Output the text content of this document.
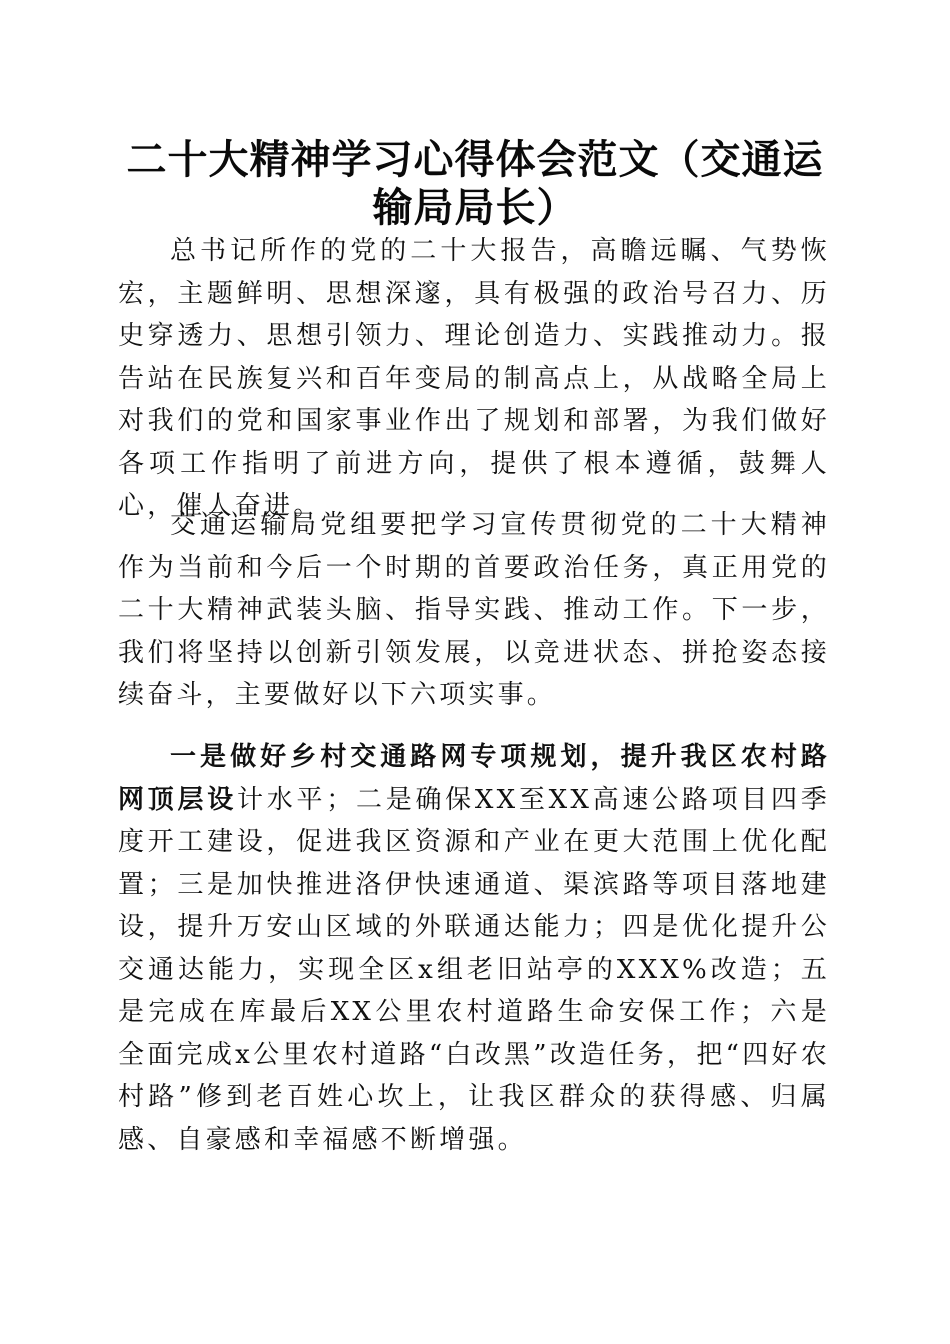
二十大精神学习心得体会范文（交通运输局局长）

总书记所作的党的二十大报告，高瞻远瞩、气势恢宏，主题鲜明、思想深邃，具有极强的政治号召力、历史穿透力、思想引领力、理论创造力、实践推动力。报告站在民族复兴和百年变局的制高点上，从战略全局上对我们的党和国家事业作出了规划和部署，为我们做好各项工作指明了前进方向，提供了根本遵循，鼓舞人心，催人奋进。

交通运输局党组要把学习宣传贯彻党的二十大精神作为当前和今后一个时期的首要政治任务，真正用党的二十大精神武装头脑、指导实践、推动工作。下一步，我们将坚持以创新引领发展，以竞进状态、拼抢姿态接续奋斗，主要做好以下六项实事。

一是做好乡村交通路网专项规划，提升我区农村路网顶层设计水平；二是确保XX至XX高速公路项目四季度开工建设，促进我区资源和产业在更大范围上优化配置；三是加快推进洛伊快速通道、渠滨路等项目落地建设，提升万安山区域的外联通达能力；四是优化提升公交通达能力，实现全区x组老旧站亭的XXX%改造；五是完成在库最后XX公里农村道路生命安保工作；六是全面完成x公里农村道路“白改黑”改造任务，把“四好农村路”修到老百姓心坎上，让我区群众的获得感、归属感、自豪感和幸福感不断增强。
